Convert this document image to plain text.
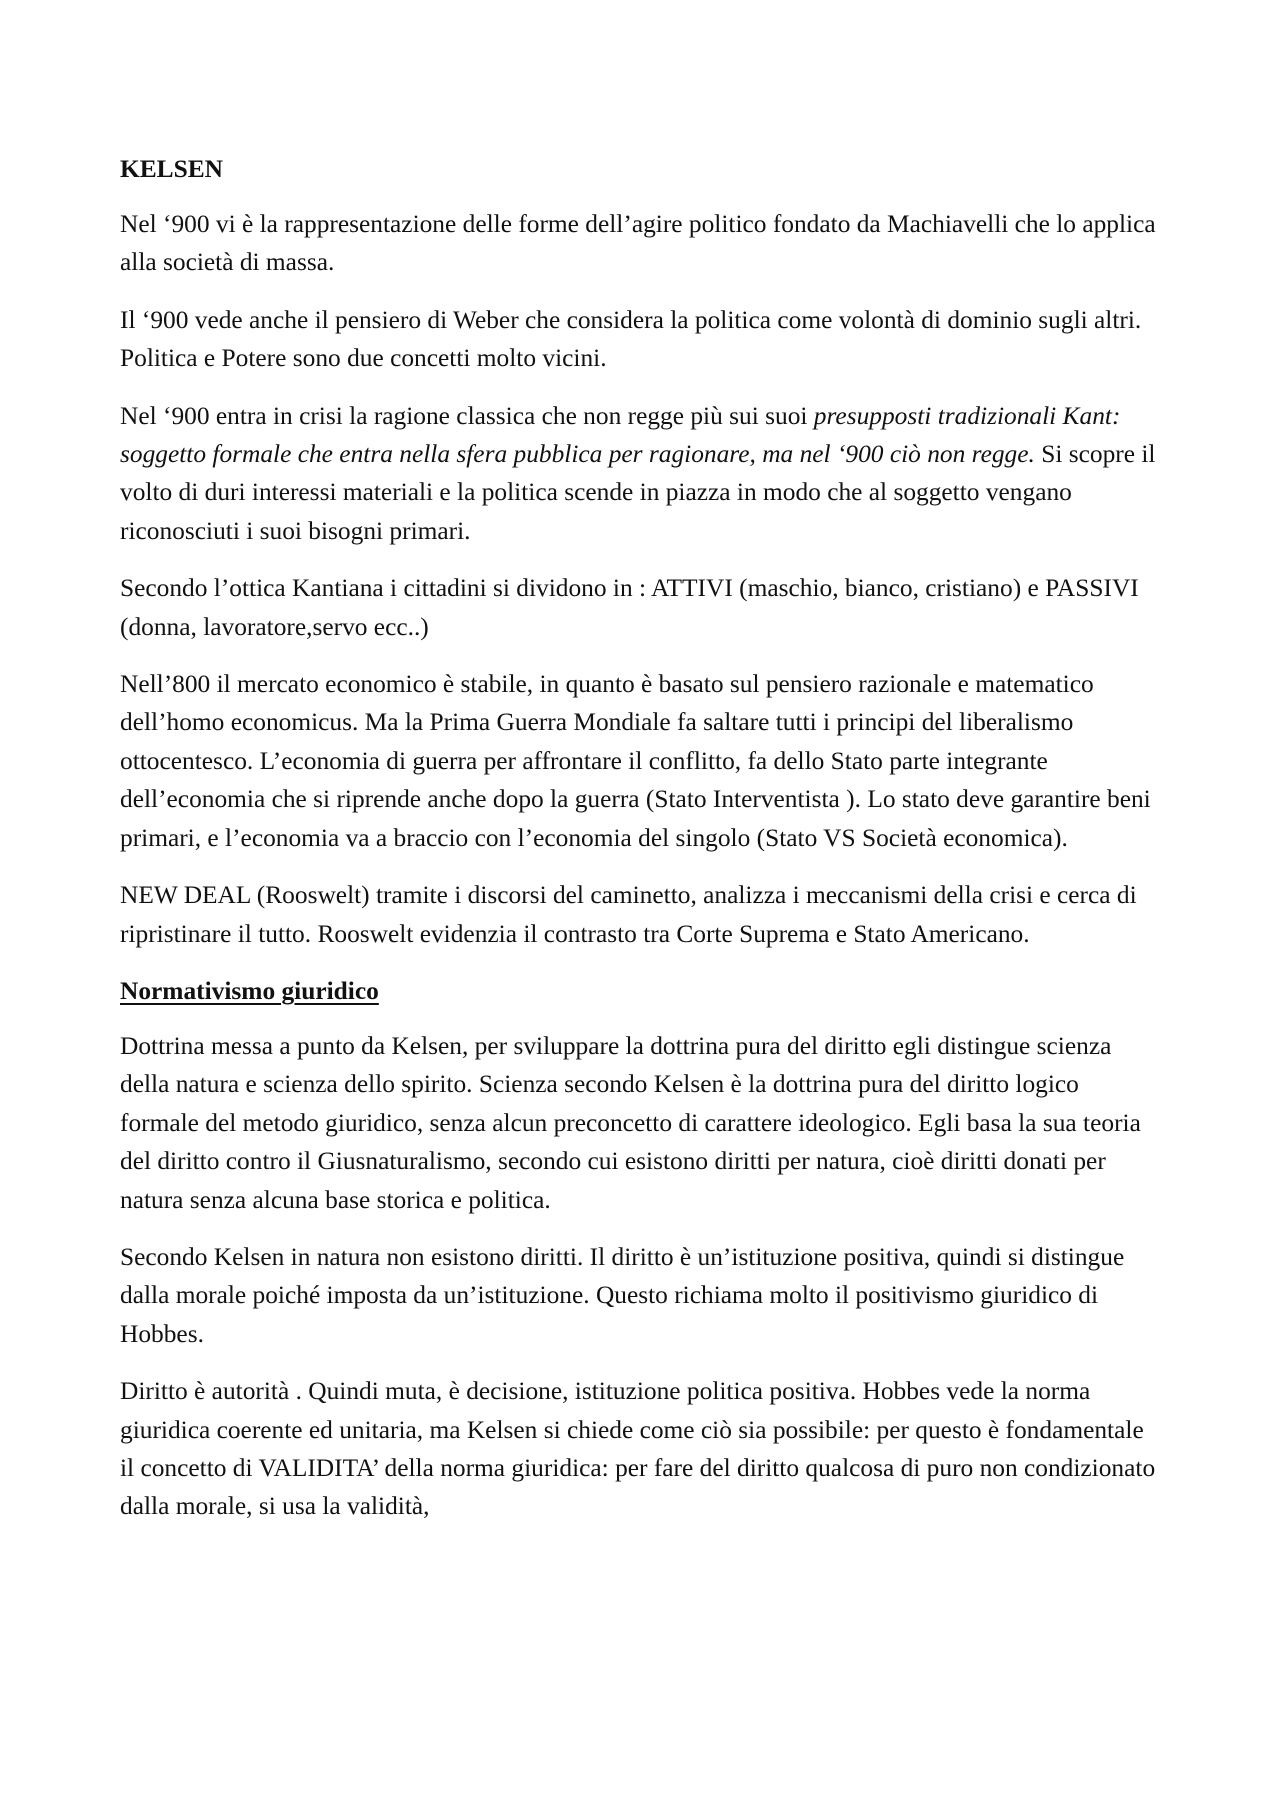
KELSEN

Nel ‘900 vi è la rappresentazione delle forme dell’agire politico fondato da Machiavelli che lo applica alla società di massa.

Il ‘900 vede anche il pensiero di Weber che considera la politica come volontà di dominio sugli altri. Politica e Potere sono due concetti molto vicini.

Nel ‘900 entra in crisi la ragione classica che non regge più sui suoi presupposti tradizionali Kant: soggetto formale che entra nella sfera pubblica per ragionare, ma nel ‘900 ciò non regge. Si scopre il volto di duri interessi materiali e la politica scende in piazza in modo che al soggetto vengano riconosciuti i suoi bisogni primari.

Secondo l’ottica Kantiana i cittadini si dividono in : ATTIVI (maschio, bianco, cristiano) e PASSIVI (donna, lavoratore,servo ecc..)

Nell’800 il mercato economico è stabile, in quanto è basato sul pensiero razionale e matematico dell’homo economicus. Ma la Prima Guerra Mondiale fa saltare tutti i principi del liberalismo ottocentesco. L’economia di guerra per affrontare il conflitto, fa dello Stato parte integrante dell’economia che si riprende anche dopo la guerra (Stato Interventista ). Lo stato deve garantire beni primari, e l’economia va a braccio con l’economia del singolo (Stato VS Società economica).

NEW DEAL (Rooswelt) tramite i discorsi del caminetto, analizza i meccanismi della crisi e cerca di ripristinare il tutto. Rooswelt evidenzia il contrasto tra Corte Suprema e Stato Americano.

Normativismo giuridico

Dottrina messa a punto da Kelsen, per sviluppare la dottrina pura del diritto egli distingue scienza della natura e scienza dello spirito. Scienza secondo Kelsen è la dottrina pura del diritto logico formale del metodo giuridico, senza alcun preconcetto di carattere ideologico. Egli basa la sua teoria del diritto contro il Giusnaturalismo, secondo cui esistono diritti per natura, cioè diritti donati per natura senza alcuna base storica e politica.

Secondo Kelsen in natura non esistono diritti. Il diritto è un’istituzione positiva, quindi si distingue dalla morale poiché imposta da un’istituzione. Questo richiama molto il positivismo giuridico di Hobbes.

Diritto è autorità . Quindi muta, è decisione, istituzione politica positiva. Hobbes vede la norma giuridica coerente ed unitaria, ma Kelsen si chiede come ciò sia possibile: per questo è fondamentale il concetto di VALIDITA’ della norma giuridica: per fare del diritto qualcosa di puro non condizionato dalla morale, si usa la validità,
